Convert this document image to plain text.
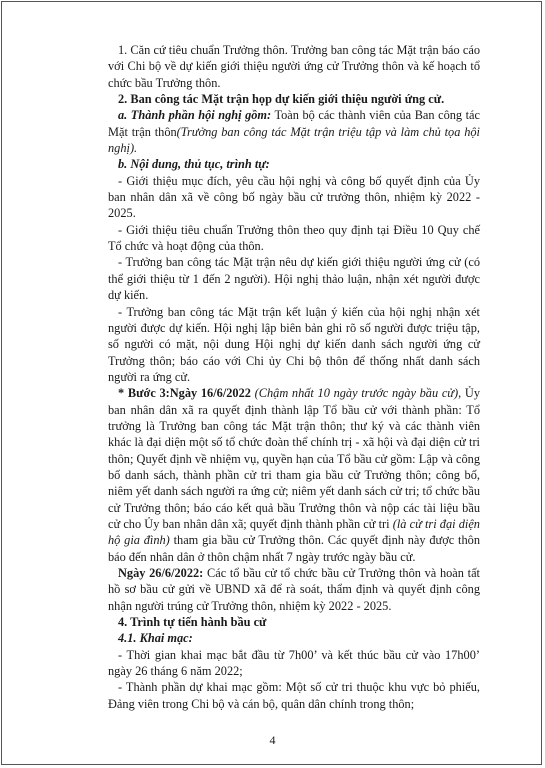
1. Căn cứ tiêu chuẩn Trưởng thôn. Trưởng ban công tác Mặt trận báo cáo với Chi bộ về dự kiến giới thiệu người ứng cử Trưởng thôn và kế hoạch tổ chức bầu Trưởng thôn.

2. Ban công tác Mặt trận họp dự kiến giới thiệu người ứng cử.

a. Thành phần hội nghị gồm: Toàn bộ các thành viên của Ban công tác Mặt trận thôn(Trưởng ban công tác Mặt trận triệu tập và làm chủ tọa hội nghị).

b. Nội dung, thủ tục, trình tự:

- Giới thiệu mục đích, yêu cầu hội nghị và công bố quyết định của Ủy ban nhân dân xã về công bố ngày bầu cử trưởng thôn, nhiệm kỳ 2022 - 2025.

- Giới thiệu tiêu chuẩn Trưởng thôn theo quy định tại Điều 10 Quy chế Tổ chức và hoạt động của thôn.

- Trưởng ban công tác Mặt trận nêu dự kiến giới thiệu người ứng cử (có thể giới thiệu từ 1 đến 2 người). Hội nghị thảo luận, nhận xét người được dự kiến.

- Trưởng ban công tác Mặt trận kết luận ý kiến của hội nghị nhận xét người được dự kiến. Hội nghị lập biên bản ghi rõ số người được triệu tập, số người có mặt, nội dung Hội nghị dự kiến danh sách người ứng cử Trưởng thôn; báo cáo với Chi ủy Chi bộ thôn để thống nhất danh sách người ra ứng cử.

* Bước 3:Ngày 16/6/2022 (Chậm nhất 10 ngày trước ngày bầu cử), Ủy ban nhân dân xã ra quyết định thành lập Tổ bầu cử với thành phần: Tổ trưởng là Trưởng ban công tác Mặt trận thôn; thư ký và các thành viên khác là đại diện một số tổ chức đoàn thể chính trị - xã hội và đại diện cử tri thôn; Quyết định về nhiệm vụ, quyền hạn của Tổ bầu cử gồm: Lập và công bố danh sách, thành phần cử tri tham gia bầu cử Trưởng thôn; công bố, niêm yết danh sách người ra ứng cử; niêm yết danh sách cử tri; tổ chức bầu cử Trưởng thôn; báo cáo kết quả bầu Trưởng thôn và nộp các tài liệu bầu cử cho Ủy ban nhân dân xã; quyết định thành phần cử tri (là cử tri đại diện hộ gia đình) tham gia bầu cử Trưởng thôn. Các quyết định này được thôn báo đến nhân dân ở thôn chậm nhất 7 ngày trước ngày bầu cử.

Ngày 26/6/2022: Các tổ bầu cử tổ chức bầu cử Trưởng thôn và hoàn tất hồ sơ bầu cử gửi về UBND xã để rà soát, thẩm định và quyết định công nhận người trúng cử Trưởng thôn, nhiệm kỳ 2022 - 2025.

4. Trình tự tiến hành bầu cử

4.1. Khai mạc:

- Thời gian khai mạc bắt đầu từ 7h00’ và kết thúc bầu cử vào 17h00’ ngày 26 tháng 6 năm 2022;

- Thành phần dự khai mạc gồm: Một số cử tri thuộc khu vực bỏ phiếu, Đảng viên trong Chi bộ và cán bộ, quân dân chính trong thôn;

4
